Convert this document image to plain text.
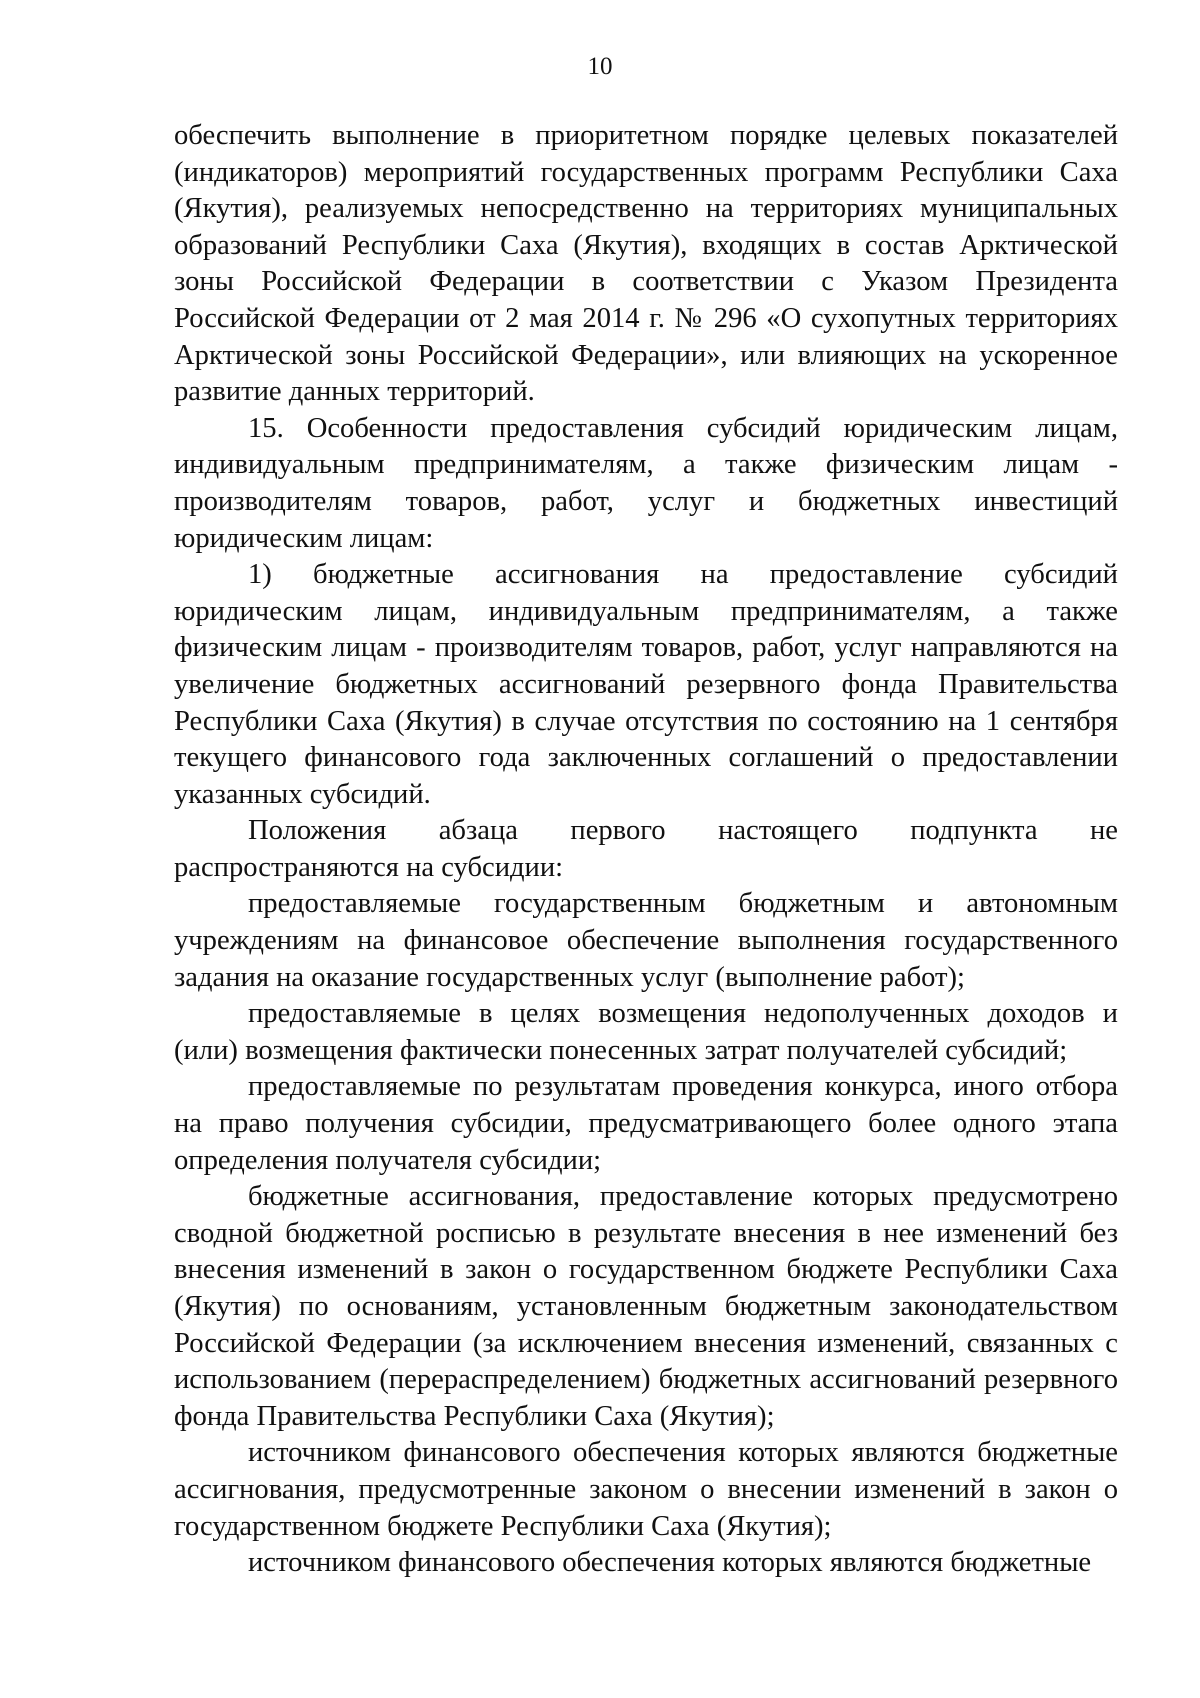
10

обеспечить выполнение в приоритетном порядке целевых показателей (индикаторов) мероприятий государственных программ Республики Саха (Якутия), реализуемых непосредственно на территориях муниципальных образований Республики Саха (Якутия), входящих в состав Арктической зоны Российской Федерации в соответствии с Указом Президента Российской Федерации от 2 мая 2014 г. № 296 «О сухопутных территориях Арктической зоны Российской Федерации», или влияющих на ускоренное развитие данных территорий.

15. Особенности предоставления субсидий юридическим лицам, индивидуальным предпринимателям, а также физическим лицам - производителям товаров, работ, услуг и бюджетных инвестиций юридическим лицам:

1) бюджетные ассигнования на предоставление субсидий юридическим лицам, индивидуальным предпринимателям, а также физическим лицам - производителям товаров, работ, услуг направляются на увеличение бюджетных ассигнований резервного фонда Правительства Республики Саха (Якутия) в случае отсутствия по состоянию на 1 сентября текущего финансового года заключенных соглашений о предоставлении указанных субсидий.

Положения абзаца первого настоящего подпункта не распространяются на субсидии:

предоставляемые государственным бюджетным и автономным учреждениям на финансовое обеспечение выполнения государственного задания на оказание государственных услуг (выполнение работ);

предоставляемые в целях возмещения недополученных доходов и (или) возмещения фактически понесенных затрат получателей субсидий;

предоставляемые по результатам проведения конкурса, иного отбора на право получения субсидии, предусматривающего более одного этапа определения получателя субсидии;

бюджетные ассигнования, предоставление которых предусмотрено сводной бюджетной росписью в результате внесения в нее изменений без внесения изменений в закон о государственном бюджете Республики Саха (Якутия) по основаниям, установленным бюджетным законодательством Российской Федерации (за исключением внесения изменений, связанных с использованием (перераспределением) бюджетных ассигнований резервного фонда Правительства Республики Саха (Якутия);

источником финансового обеспечения которых являются бюджетные ассигнования, предусмотренные законом о внесении изменений в закон о государственном бюджете Республики Саха (Якутия);

источником финансового обеспечения которых являются бюджетные
